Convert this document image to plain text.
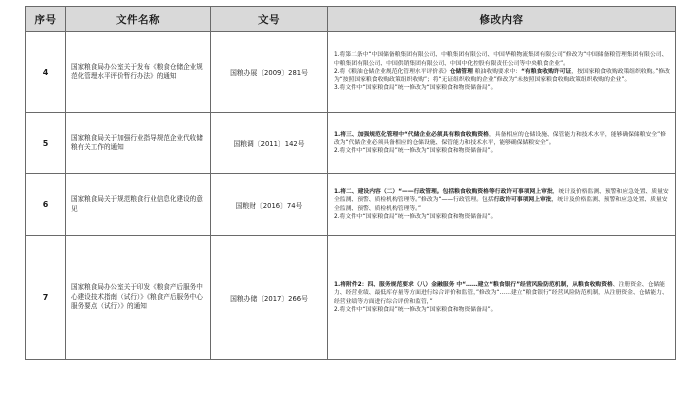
序号	文件名称	文号	修改内容
4	国家粮食局办公室关于发布《粮食仓储企业规范化管理水平评价暂行办法》的通知	国粮办展〔2009〕281号	1.将第二条中“中国储备粮集团有限公司、中粮集团有限公司、中国华粮物流集团有限公司”修改为“中国储备粮管理集团有限公司、中粮集团有限公司、中国供销集团有限公司、中国中化控股有限责任公司等中央粮食企业”。

2.将《粮油仓储企业规范化管理水平评价表》仓储管理 粮油收购要求中：“有粮食收购许可证，按国家粮食收购政策组织收购。”修改为“按照国家粮食收购政策组织收购”；将“无证组织收购的企业”修改为“未按照国家粮食收购政策组织收购的企业”。

3.将文件中“国家粮食局”统一修改为“国家粮食和物资储备局”。

5	国家粮食局关于加强行业指导规范企业代收储粮有关工作的通知	国粮调〔2011〕142号	1.将三、加强规范化管理中“代储企业必须具有粮食收购资格，具备相应的仓储设施、保管能力和技术水平，能够确保储粮安全”修改为“代储企业必须具备相应的仓储设施、保管能力和技术水平，能够确保储粮安全”。

2.将文件中“国家粮食局”统一修改为“国家粮食和物资储备局”。

6	国家粮食局关于规范粮食行业信息化建设的意见	国粮财〔2016〕74号	1.将二、建设内容（二）“——行政管理。包括粮食收购资格等行政许可事项网上审批，统计及价格监测、预警和应急处置、质量安全监测、预警、质检机构管理等。”修改为“——行政管理。包括行政许可事项网上审批，统计及价格监测、预警和应急处置、质量安全监测、预警、质检机构管理等。”

2.将文件中“国家粮食局”统一修改为“国家粮食和物资储备局”。

7	国家粮食局办公室关于印发《粮食产后服务中心建设技术指南（试行）》《粮食产后服务中心服务要点（试行）》的通知	国粮办储〔2017〕266号	1.将附件2：四、服务规范要求（八）金融服务 中“……建立“粮食银行”经营风险防范机制，从粮食收购资格、注册资金、仓储能力、经营业绩、最低库存量等方面进行综合评价和监管，”修改为“……建立“粮食银行”经营风险防范机制，从注册资金、仓储能力、经营业绩等方面进行综合评价和监管，”

2.将文件中“国家粮食局”统一修改为“国家粮食和物资储备局”。
